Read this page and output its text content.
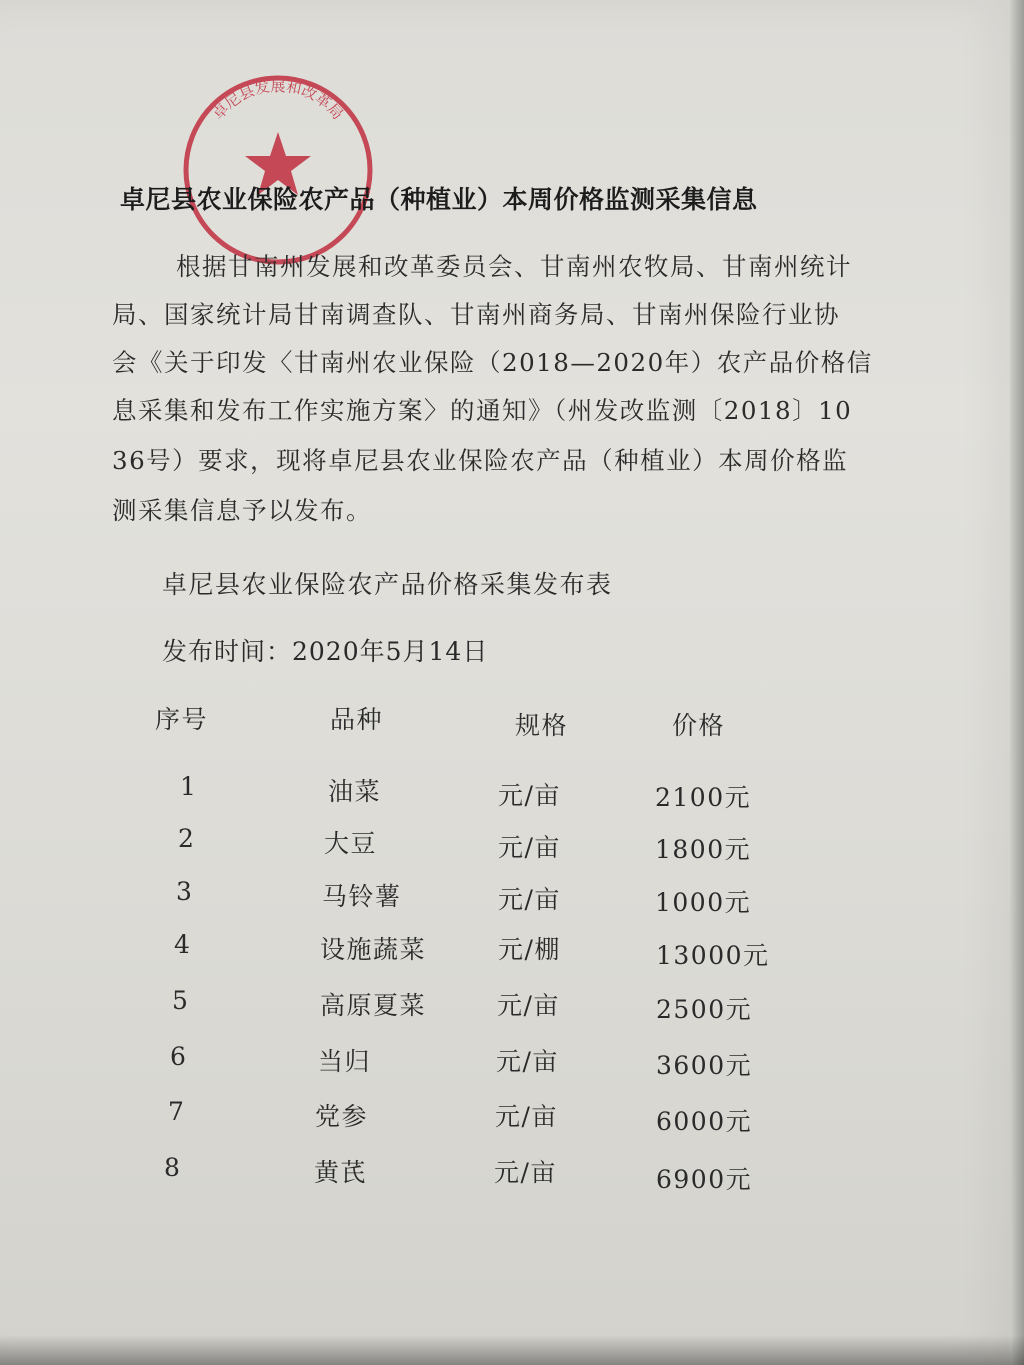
卓尼县发展和改革局
卓尼县农业保险农产品（种植业）本周价格监测采集信息
根据甘南州发展和改革委员会、甘南州农牧局、甘南州统计
局、国家统计局甘南调查队、甘南州商务局、甘南州保险行业协
会《关于印发〈甘南州农业保险（2018—2020年）农产品价格信
息采集和发布工作实施方案〉的通知》（州发改监测〔2018〕10
36号）要求，现将卓尼县农业保险农产品（种植业）本周价格监
测采集信息予以发布。
卓尼县农业保险农产品价格采集发布表
发布时间：2020年5月14日
序号	品种	规格	价格
1	油菜	元/亩	2100元
2	大豆	元/亩	1800元
3	马铃薯	元/亩	1000元
4	设施蔬菜	元/棚	13000元
5	高原夏菜	元/亩	2500元
6	当归	元/亩	3600元
7	党参	元/亩	6000元
8	黄芪	元/亩	6900元
